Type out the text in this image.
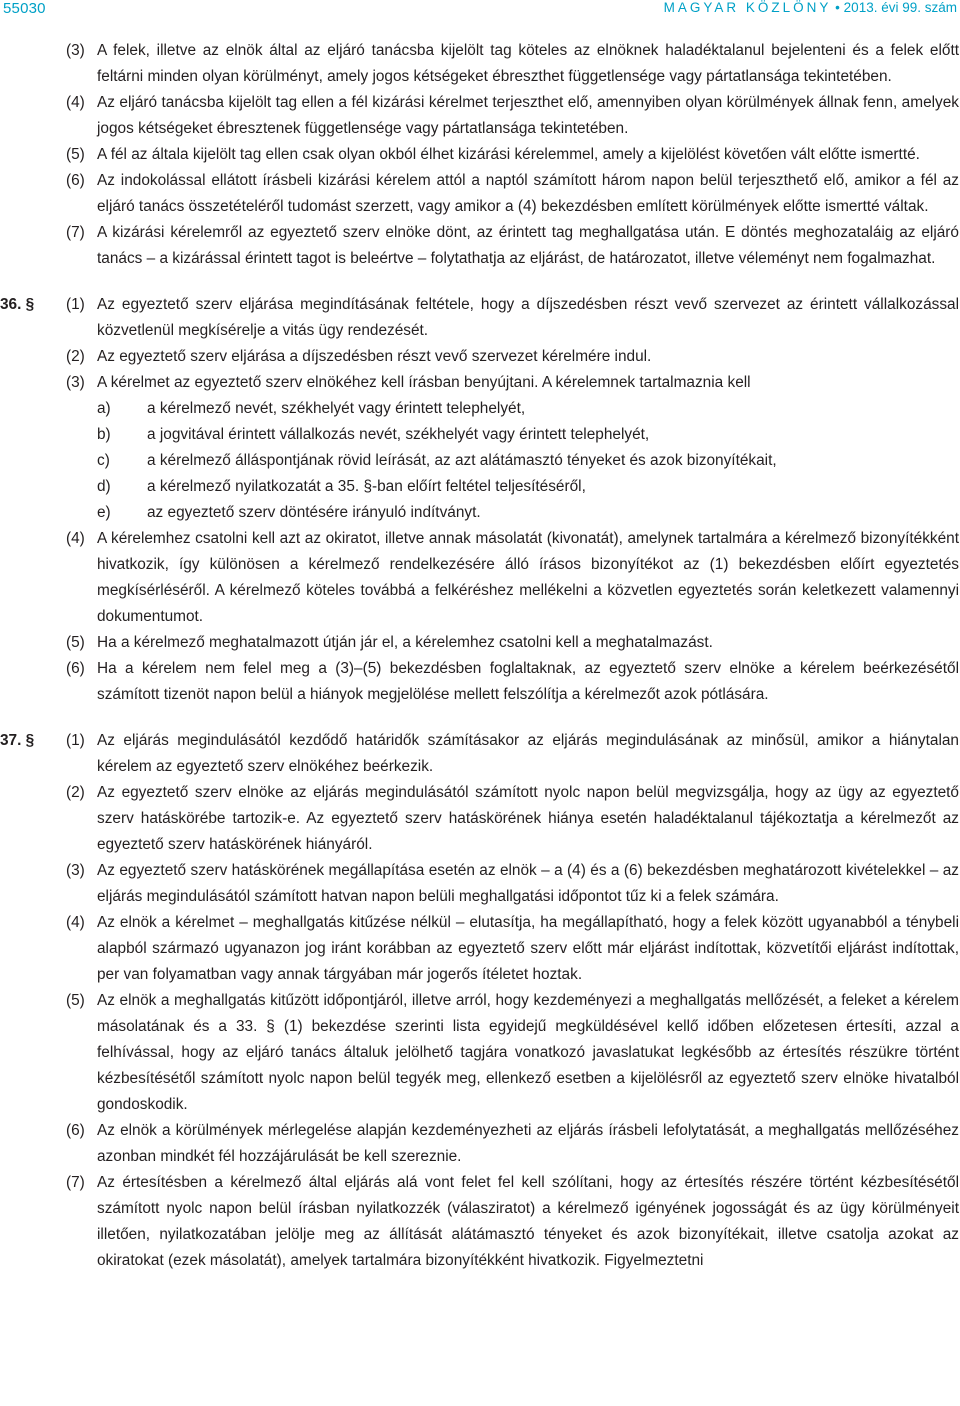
55030	MAGYAR KÖZLÖNY • 2013. évi 99. szám
(3) A felek, illetve az elnök által az eljáró tanácsba kijelölt tag köteles az elnöknek haladéktalanul bejelenteni és a felek előtt feltárni minden olyan körülményt, amely jogos kétségeket ébreszthet függetlensége vagy pártatlansága tekintetében.
(4) Az eljáró tanácsba kijelölt tag ellen a fél kizárási kérelmet terjeszthet elő, amennyiben olyan körülmények állnak fenn, amelyek jogos kétségeket ébresztenek függetlensége vagy pártatlansága tekintetében.
(5) A fél az általa kijelölt tag ellen csak olyan okból élhet kizárási kérelemmel, amely a kijelölést követően vált előtte ismertté.
(6) Az indokolással ellátott írásbeli kizárási kérelem attól a naptól számított három napon belül terjeszthető elő, amikor a fél az eljáró tanács összetételéről tudomást szerzett, vagy amikor a (4) bekezdésben említett körülmények előtte ismertté váltak.
(7) A kizárási kérelemről az egyeztető szerv elnöke dönt, az érintett tag meghallgatása után. E döntés meghozataláig az eljáró tanács – a kizárással érintett tagot is beleértve – folytathatja az eljárást, de határozatot, illetve véleményt nem fogalmazhat.
36. § (1) Az egyeztető szerv eljárása megindításának feltétele, hogy a díjszedésben részt vevő szervezet az érintett vállalkozással közvetlenül megkísérelje a vitás ügy rendezését.
(2) Az egyeztető szerv eljárása a díjszedésben részt vevő szervezet kérelmére indul.
(3) A kérelmet az egyeztető szerv elnökéhez kell írásban benyújtani. A kérelemnek tartalmaznia kell
a) a kérelmező nevét, székhelyét vagy érintett telephelyét,
b) a jogvitával érintett vállalkozás nevét, székhelyét vagy érintett telephelyét,
c) a kérelmező álláspontjának rövid leírását, az azt alátámasztó tényeket és azok bizonyítékait,
d) a kérelmező nyilatkozatát a 35. §-ban előírt feltétel teljesítéséről,
e) az egyeztető szerv döntésére irányuló indítványt.
(4) A kérelemhez csatolni kell azt az okiratot, illetve annak másolatát (kivonatát), amelynek tartalmára a kérelmező bizonyítékként hivatkozik, így különösen a kérelmező rendelkezésére álló írásos bizonyítékot az (1) bekezdésben előírt egyeztetés megkísérléséről. A kérelmező köteles továbbá a felkéréshez mellékelni a közvetlen egyeztetés során keletkezett valamennyi dokumentumot.
(5) Ha a kérelmező meghatalmazott útján jár el, a kérelemhez csatolni kell a meghatalmazást.
(6) Ha a kérelem nem felel meg a (3)–(5) bekezdésben foglaltaknak, az egyeztető szerv elnöke a kérelem beérkezésétől számított tizenöt napon belül a hiányok megjelölése mellett felszólítja a kérelmezőt azok pótlására.
37. § (1) Az eljárás megindulásától kezdődő határidők számításakor az eljárás megindulásának az minősül, amikor a hiánytalan kérelem az egyeztető szerv elnökéhez beérkezik.
(2) Az egyeztető szerv elnöke az eljárás megindulásától számított nyolc napon belül megvizsgálja, hogy az ügy az egyeztető szerv hatáskörébe tartozik-e. Az egyeztető szerv hatáskörének hiánya esetén haladéktalanul tájékoztatja a kérelmezőt az egyeztető szerv hatáskörének hiányáról.
(3) Az egyeztető szerv hatáskörének megállapítása esetén az elnök – a (4) és a (6) bekezdésben meghatározott kivételekkel – az eljárás megindulásától számított hatvan napon belüli meghallgatási időpontot tűz ki a felek számára.
(4) Az elnök a kérelmet – meghallgatás kitűzése nélkül – elutasítja, ha megállapítható, hogy a felek között ugyanabból a ténybeli alapból származó ugyanazon jog iránt korábban az egyeztető szerv előtt már eljárást indítottak, közvetítői eljárást indítottak, per van folyamatban vagy annak tárgyában már jogerős ítéletet hoztak.
(5) Az elnök a meghallgatás kitűzött időpontjáról, illetve arról, hogy kezdeményezi a meghallgatás mellőzését, a feleket a kérelem másolatának és a 33. § (1) bekezdése szerinti lista egyidejű megküldésével kellő időben előzetesen értesíti, azzal a felhívással, hogy az eljáró tanács általuk jelölhető tagjára vonatkozó javaslatukat legkésőbb az értesítés részükre történt kézbesítésétől számított nyolc napon belül tegyék meg, ellenkező esetben a kijelölésről az egyeztető szerv elnöke hivatalból gondoskodik.
(6) Az elnök a körülmények mérlegelése alapján kezdeményezheti az eljárás írásbeli lefolytatását, a meghallgatás mellőzéséhez azonban mindkét fél hozzájárulását be kell szereznie.
(7) Az értesítésben a kérelmező által eljárás alá vont felet fel kell szólítani, hogy az értesítés részére történt kézbesítésétől számított nyolc napon belül írásban nyilatkozzék (válasziratot) a kérelmező igényének jogosságát és az ügy körülményeit illetően, nyilatkozatában jelölje meg az állítását alátámasztó tényeket és azok bizonyítékait, illetve csatolja azokat az okiratokat (ezek másolatát), amelyek tartalmára bizonyítékként hivatkozik. Figyelmeztetni
